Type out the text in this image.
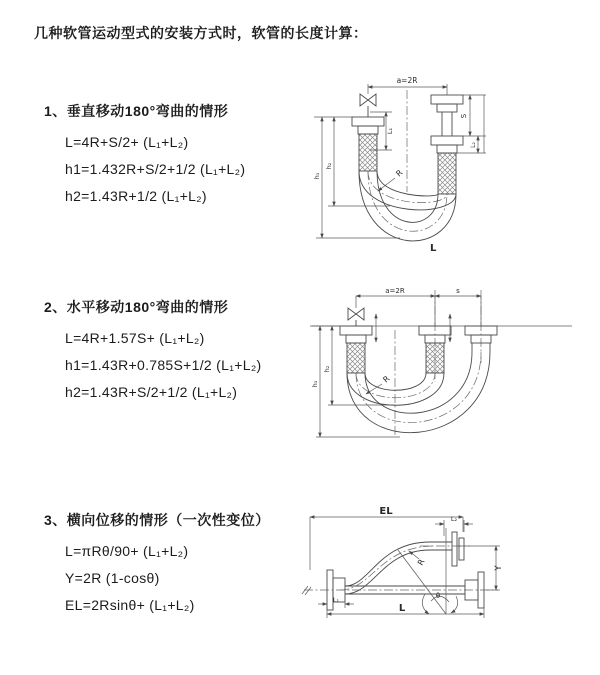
几种软管运动型式的安装方式时，软管的长度计算：
1、垂直移动180°弯曲的情形
L=4R+S/2+ (L₁+L₂)
h1=1.432R+S/2+1/2 (L₁+L₂)
h2=1.43R+1/2 (L₁+L₂)
a=2R
L₁
S
L₂
h₁
h₂
R
L
2、水平移动180°弯曲的情形
L=4R+1.57S+ (L₁+L₂)
h1=1.43R+0.785S+1/2 (L₁+L₂)
h2=1.43R+S/2+1/2 (L₁+L₂)
a=2R	s
h₁
h₂
R
3、横向位移的情形（一次性变位）
L=πRθ/90+ (L₁+L₂)
Y=2R (1-cosθ)
EL=2Rsinθ+ (L₁+L₂)
EL
L₂
Y
L
L₁	θ
R
